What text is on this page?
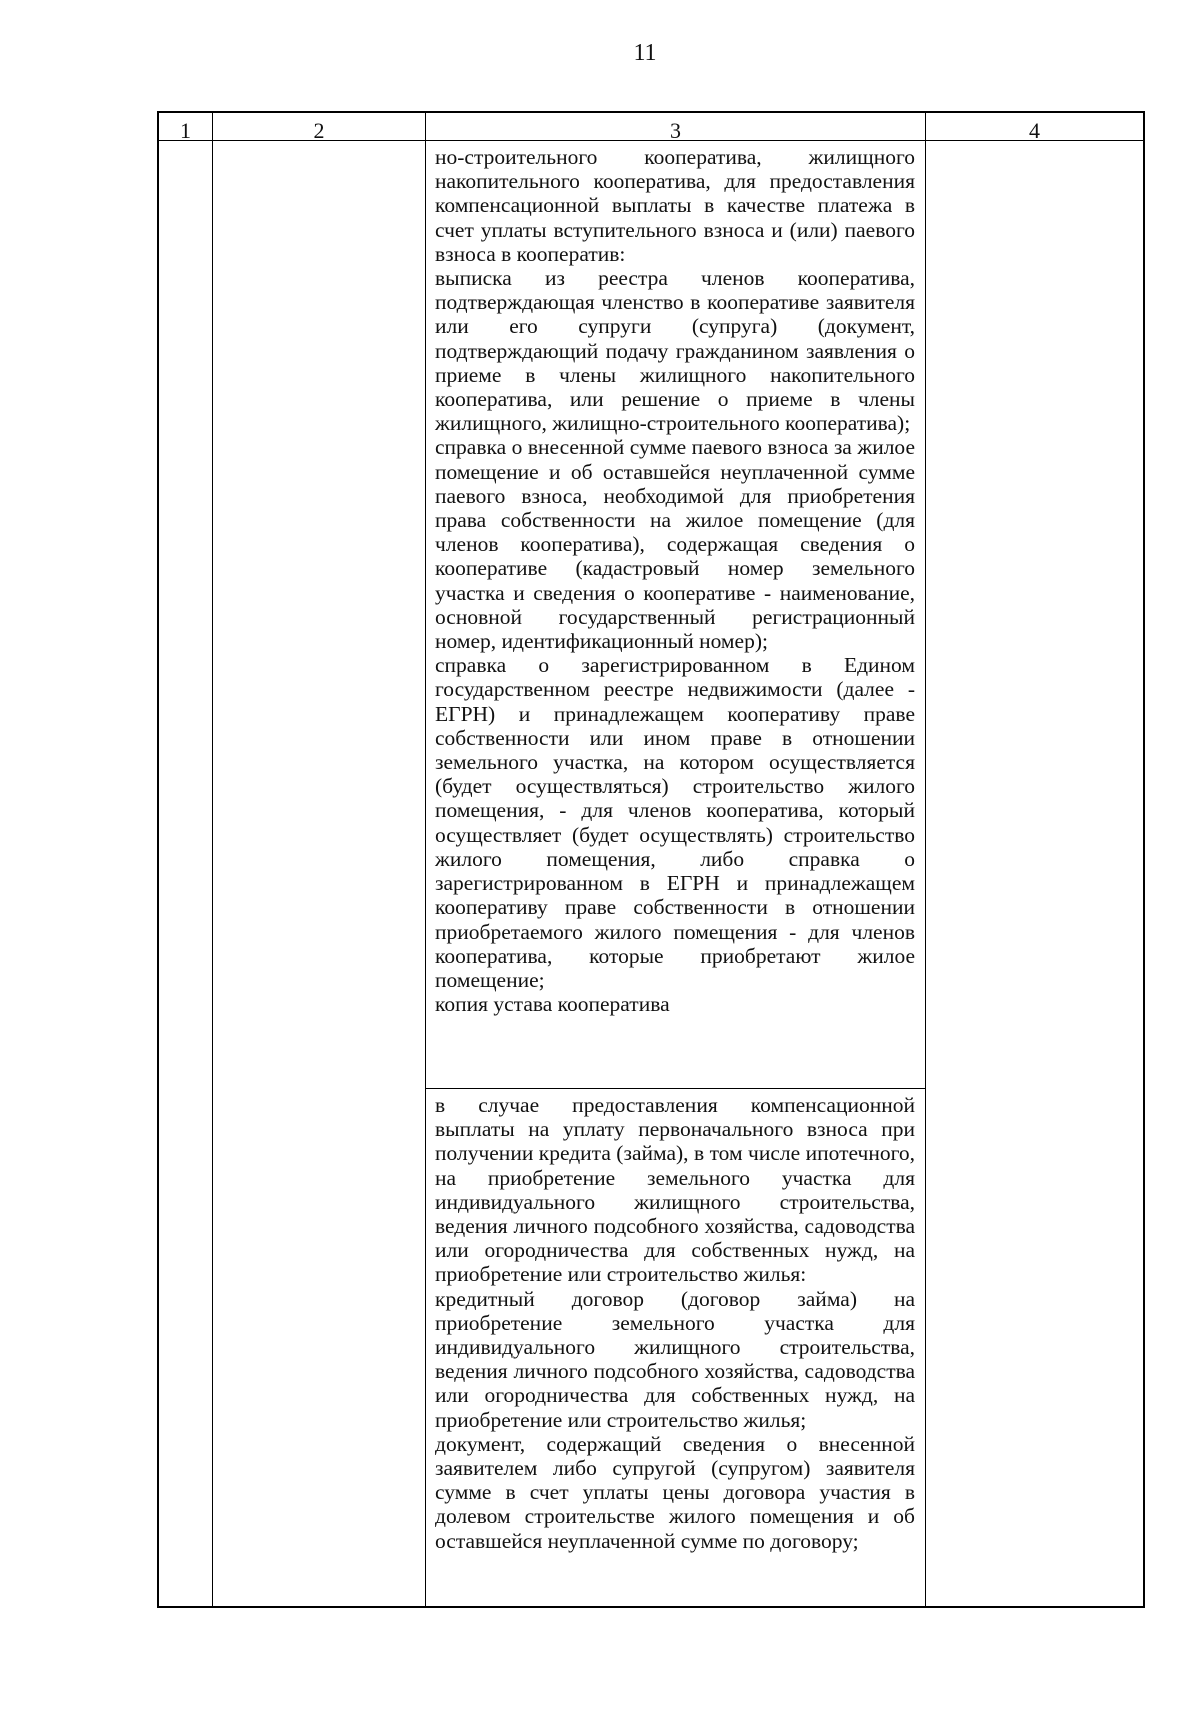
11
1	2	3	4

но-строительного кооператива, жилищного накопительного кооператива, для предоставления компенсационной выплаты в качестве платежа в счет уплаты вступительного взноса и (или) паевого взноса в кооператив:

выписка из реестра членов кооператива, подтверждающая членство в кооперативе заявителя или его супруги (супруга) (документ, подтверждающий подачу гражданином заявления о приеме в члены жилищного накопительного кооператива, или решение о приеме в члены жилищного, жилищно-строительного кооператива);

справка о внесенной сумме паевого взноса за жилое помещение и об оставшейся неуплаченной сумме паевого взноса, необходимой для приобретения права собственности на жилое помещение (для членов кооператива), содержащая сведения о кооперативе (кадастровый номер земельного участка и сведения о кооперативе - наименование, основной государственный регистрационный номер, идентификационный номер);

справка о зарегистрированном в Едином государственном реестре недвижимости (далее - ЕГРН) и принадлежащем кооперативу праве собственности или ином праве в отношении земельного участка, на котором осуществляется (будет осуществляться) строительство жилого помещения, - для членов кооператива, который осуществляет (будет осуществлять) строительство жилого помещения, либо справка о зарегистрированном в ЕГРН и принадлежащем кооперативу праве собственности в отношении приобретаемого жилого помещения - для членов кооператива, которые приобретают жилое помещение;

копия устава кооператива

в случае предоставления компенсационной выплаты на уплату первоначального взноса при получении кредита (займа), в том числе ипотечного, на приобретение земельного участка для индивидуального жилищного строительства, ведения личного подсобного хозяйства, садоводства или огородничества для собственных нужд, на приобретение или строительство жилья:

кредитный договор (договор займа) на приобретение земельного участка для индивидуального жилищного строительства, ведения личного подсобного хозяйства, садоводства или огородничества для собственных нужд, на приобретение или строительство жилья;

документ, содержащий сведения о внесенной заявителем либо супругой (супругом) заявителя сумме в счет уплаты цены договора участия в долевом строительстве жилого помещения и об оставшейся неуплаченной сумме по договору;
